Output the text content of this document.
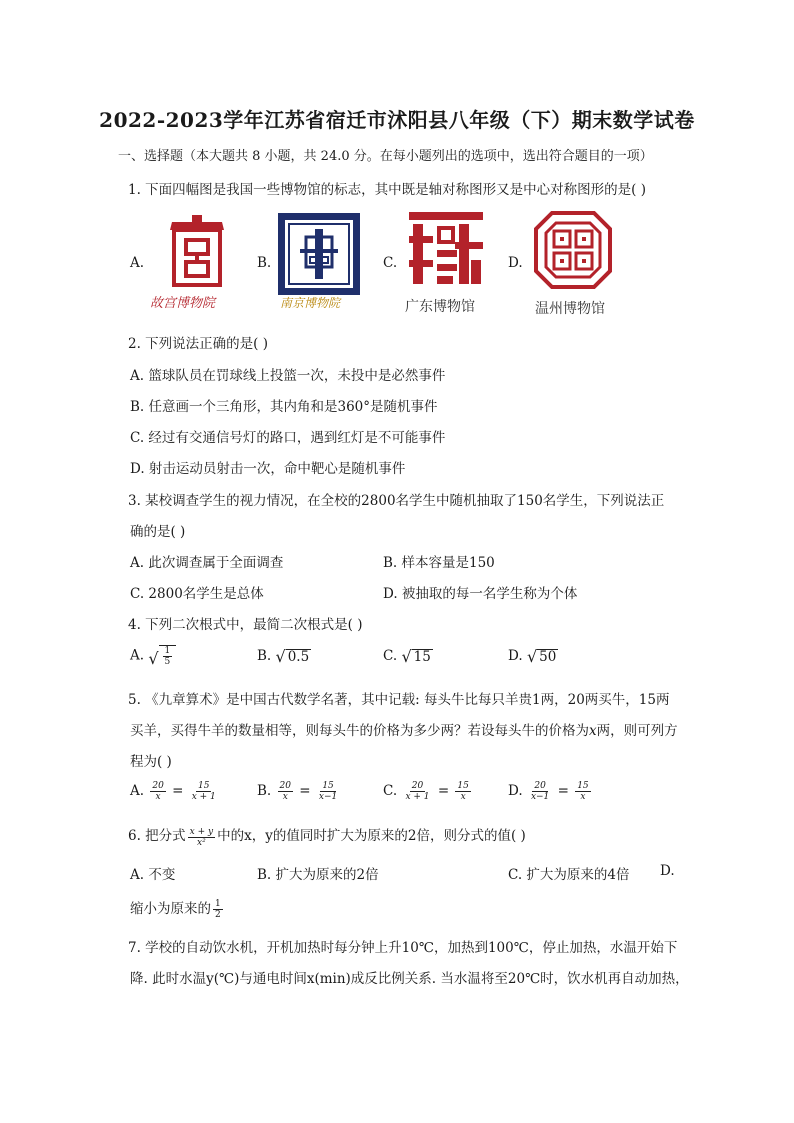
2022-2023学年江苏省宿迁市沭阳县八年级（下）期末数学试卷
一、选择题（本大题共 8 小题，共 24.0 分。在每小题列出的选项中，选出符合题目的一项）
1. 下面四幅图是我国一些博物馆的标志，其中既是轴对称图形又是中心对称图形的是( )
A.
故宫博物院
B.
南京博物院
C.
广东博物馆
D.
温州博物馆
2. 下列说法正确的是( )
A. 篮球队员在罚球线上投篮一次，未投中是必然事件
B. 任意画一个三角形，其内角和是360°是随机事件
C. 经过有交通信号灯的路口，遇到红灯是不可能事件
D. 射击运动员射击一次，命中靶心是随机事件
3. 某校调查学生的视力情况，在全校的2800名学生中随机抽取了150名学生，下列说法正
确的是( )
A. 此次调查属于全面调查	B. 样本容量是150
C. 2800名学生是总体	D. 被抽取的每一名学生称为个体
4. 下列二次根式中，最简二次根式是( )
A. √ $\frac{1}{5}$	B. √ 0.5	C. √ 15	D. √ 50
5. 《九章算术》是中国古代数学名著，其中记载: 每头牛比每只羊贵1两，20两买牛，15两
买羊，买得牛羊的数量相等，则每头牛的价格为多少两？若设每头牛的价格为x两，则可列方
程为( )
A. $\frac{20}{x} = \frac{15}{x + 1}$	B. $\frac{20}{x} = \frac{15}{x-1}$	C. $\frac{20}{x + 1} = \frac{15}{x}$	D. $\frac{20}{x-1} = \frac{15}{x}$
6. 把分式 $\frac{x + y}{\text{x²}}$ 中的x，y的值同时扩大为原来的2倍，则分式的值( )
A. 不变	B. 扩大为原来的2倍	C. 扩大为原来的4倍 D.
缩小为原来的 $\frac{1}{2}$
7. 学校的自动饮水机，开机加热时每分钟上升10℃，加热到100℃，停止加热，水温开始下
降. 此时水温y(℃)与通电时间x(min)成反比例关系. 当水温将至20℃时，饮水机再自动加热，
